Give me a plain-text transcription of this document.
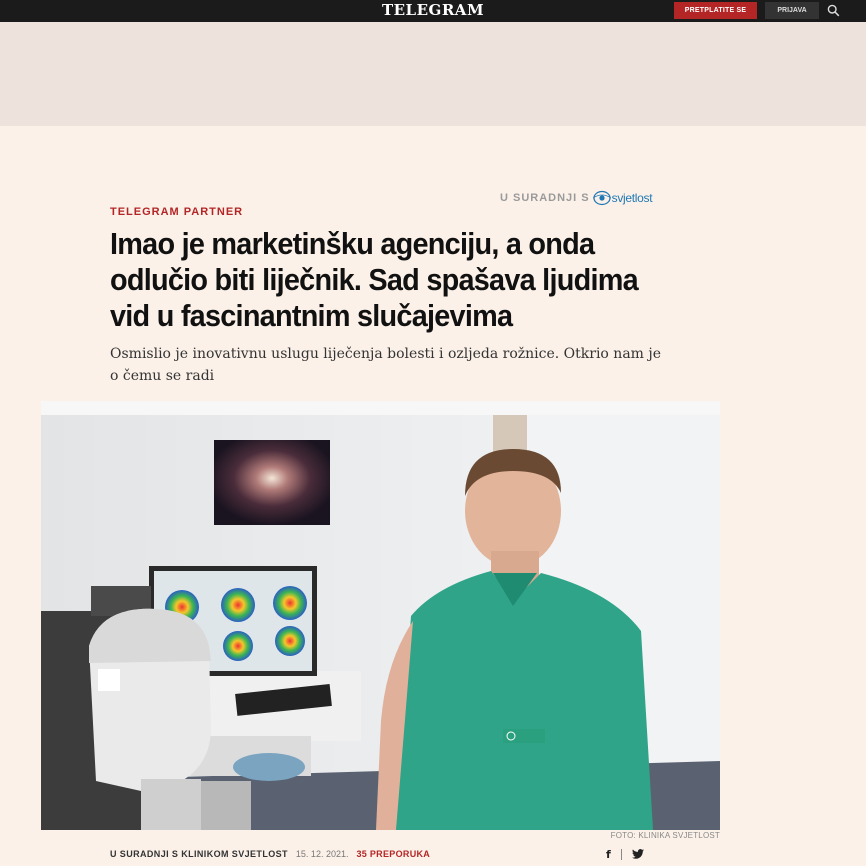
TELEGRAM	PRETPLATITE SE	PRIJAVA
U SURADNJI S svjetlost
TELEGRAM PARTNER
Imao je marketinšku agenciju, a onda odlučio biti liječnik. Sad spašava ljudima vid u fascinantnim slučajevima

Osmislio je inovativnu uslugu liječenja bolesti i ozljeda rožnice. Otkrio nam je o čemu se radi

FOTO: KLINIKA SVJETLOST
U SURADNJI S KLINIKOM SVJETLOST 15. 12. 2021. 35 PREPORUKA	f
